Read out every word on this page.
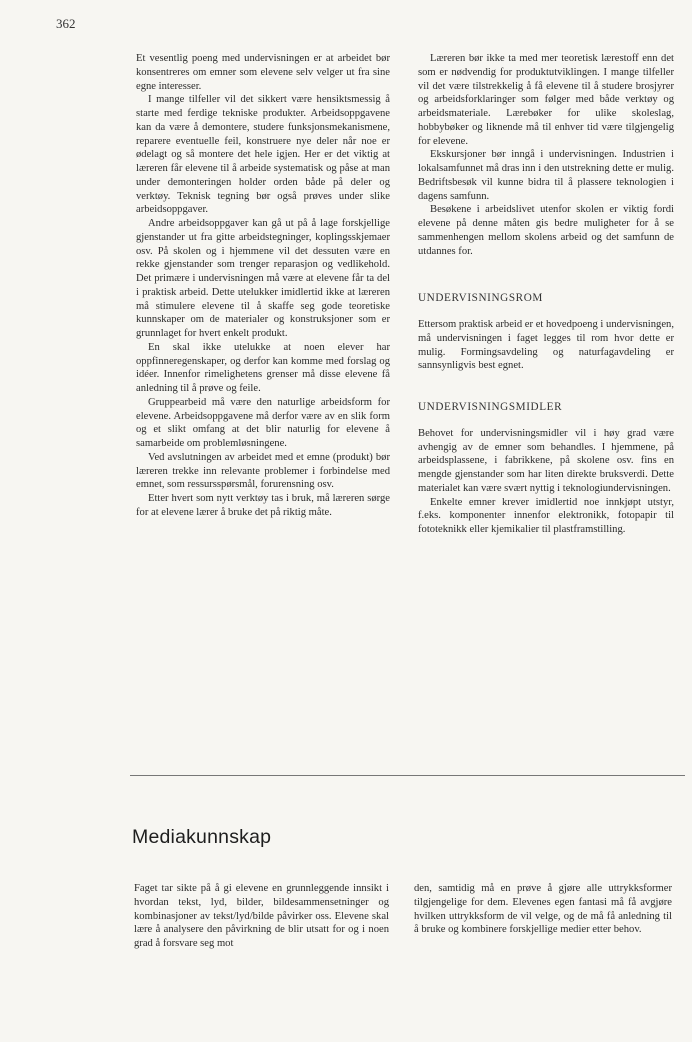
362

Et vesentlig poeng med undervisningen er at arbeidet bør konsentreres om emner som elevene selv velger ut fra sine egne interesser.

I mange tilfeller vil det sikkert være hensiktsmessig å starte med ferdige tekniske produkter. Arbeidsoppgavene kan da være å demontere, studere funksjonsmekanismene, reparere eventuelle feil, konstruere nye deler når noe er ødelagt og så montere det hele igjen. Her er det viktig at læreren får elevene til å arbeide systematisk og påse at man under demonteringen holder orden både på deler og verktøy. Teknisk tegning bør også prøves under slike arbeidsoppgaver.

Andre arbeidsoppgaver kan gå ut på å lage forskjellige gjenstander ut fra gitte arbeidstegninger, koplingsskjemaer osv. På skolen og i hjemmene vil det dessuten være en rekke gjenstander som trenger reparasjon og vedlikehold. Det primære i undervisningen må være at elevene får ta del i praktisk arbeid. Dette utelukker imidlertid ikke at læreren må stimulere elevene til å skaffe seg gode teoretiske kunnskaper om de materialer og konstruksjoner som er grunnlaget for hvert enkelt produkt.

En skal ikke utelukke at noen elever har oppfinneregenskaper, og derfor kan komme med forslag og idéer. Innenfor rimelighetens grenser må disse elevene få anledning til å prøve og feile.

Gruppearbeid må være den naturlige arbeidsform for elevene. Arbeidsoppgavene må derfor være av en slik form og et slikt omfang at det blir naturlig for elevene å samarbeide om problemløsningene.

Ved avslutningen av arbeidet med et emne (produkt) bør læreren trekke inn relevante problemer i forbindelse med emnet, som ressursspørsmål, forurensning osv.

Etter hvert som nytt verktøy tas i bruk, må læreren sørge for at elevene lærer å bruke det på riktig måte.

Læreren bør ikke ta med mer teoretisk lærestoff enn det som er nødvendig for produktutviklingen. I mange tilfeller vil det være tilstrekkelig å få elevene til å studere brosjyrer og arbeidsforklaringer som følger med både verktøy og arbeidsmateriale. Lærebøker for ulike skoleslag, hobbybøker og liknende må til enhver tid være tilgjengelig for elevene.

Ekskursjoner bør inngå i undervisningen. Industrien i lokalsamfunnet må dras inn i den utstrekning dette er mulig. Bedriftsbesøk vil kunne bidra til å plassere teknologien i dagens samfunn.

Besøkene i arbeidslivet utenfor skolen er viktig fordi elevene på denne måten gis bedre muligheter for å se sammenhengen mellom skolens arbeid og det samfunn de utdannes for.

UNDERVISNINGSROM

Ettersom praktisk arbeid er et hovedpoeng i undervisningen, må undervisningen i faget legges til rom hvor dette er mulig. Formingsavdeling og naturfagavdeling er sannsynligvis best egnet.

UNDERVISNINGSMIDLER

Behovet for undervisningsmidler vil i høy grad være avhengig av de emner som behandles. I hjemmene, på arbeidsplassene, i fabrikkene, på skolene osv. fins en mengde gjenstander som har liten direkte bruksverdi. Dette materialet kan være svært nyttig i teknologiundervisningen.

Enkelte emner krever imidlertid noe innkjøpt utstyr, f.eks. komponenter innenfor elektronikk, fotopapir til fototeknikk eller kjemikalier til plastframstilling.

Mediakunnskap

Faget tar sikte på å gi elevene en grunnleggende innsikt i hvordan tekst, lyd, bilder, bildesammensetninger og kombinasjoner av tekst/lyd/bilde påvirker oss. Elevene skal lære å analysere den påvirkning de blir utsatt for og i noen grad å forsvare seg mot

den, samtidig må en prøve å gjøre alle uttrykksformer tilgjengelige for dem. Elevenes egen fantasi må få avgjøre hvilken uttrykksform de vil velge, og de må få anledning til å bruke og kombinere forskjellige medier etter behov.
